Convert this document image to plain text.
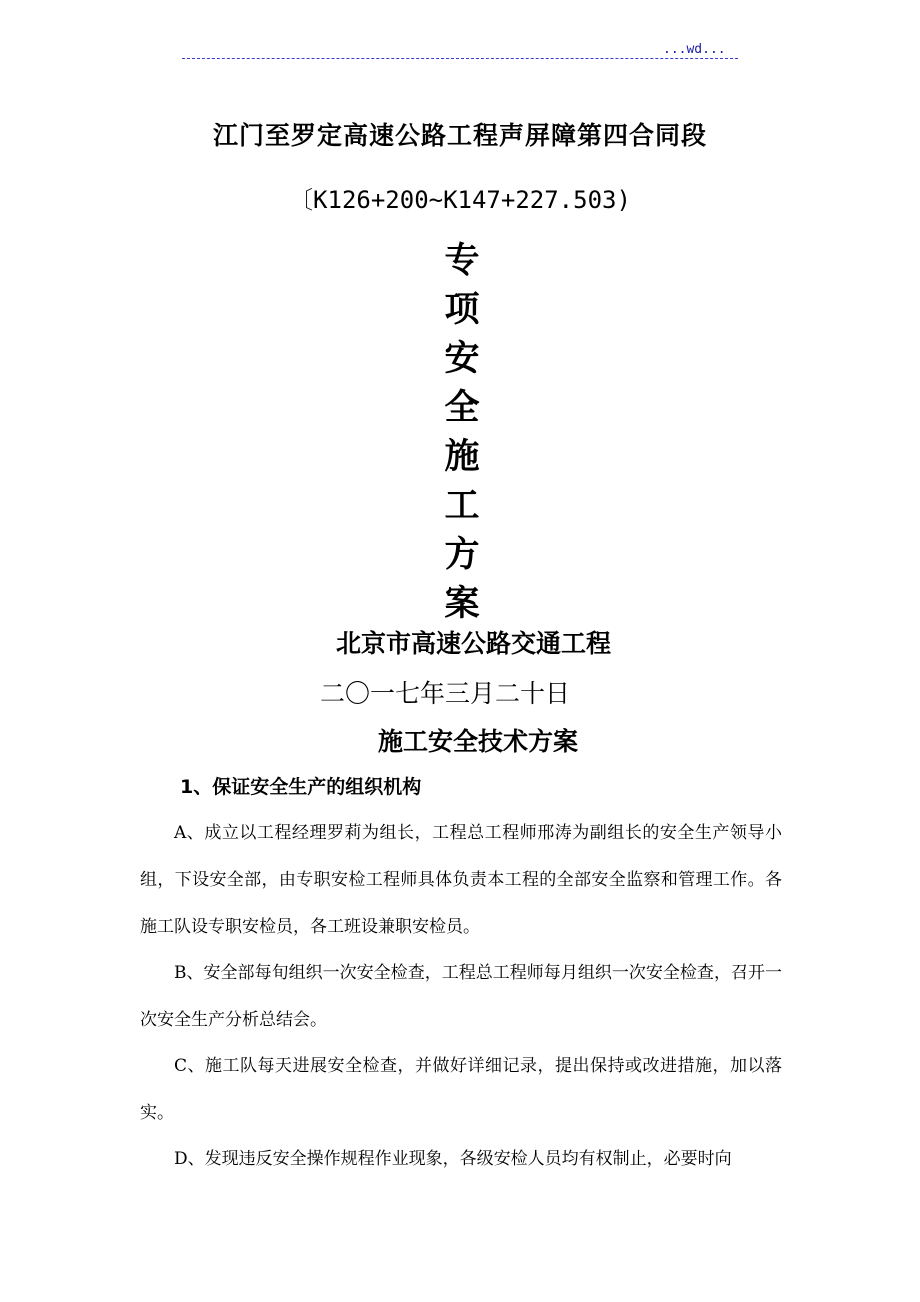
...wd...
江门至罗定高速公路工程声屏障第四合同段
〔K126+200~K147+227.503)
专
项
安
全
施
工
方
案
北京市高速公路交通工程
二〇一七年三月二十日
施工安全技术方案
1、保证安全生产的组织机构
A、成立以工程经理罗莉为组长，工程总工程师邢涛为副组长的安全生产领导小组，下设安全部，由专职安检工程师具体负责本工程的全部安全监察和管理工作。各施工队设专职安检员，各工班设兼职安检员。
B、安全部每旬组织一次安全检查，工程总工程师每月组织一次安全检查，召开一次安全生产分析总结会。
C、施工队每天进展安全检查，并做好详细记录，提出保持或改进措施，加以落实。
D、发现违反安全操作规程作业现象，各级安检人员均有权制止，必要时向
